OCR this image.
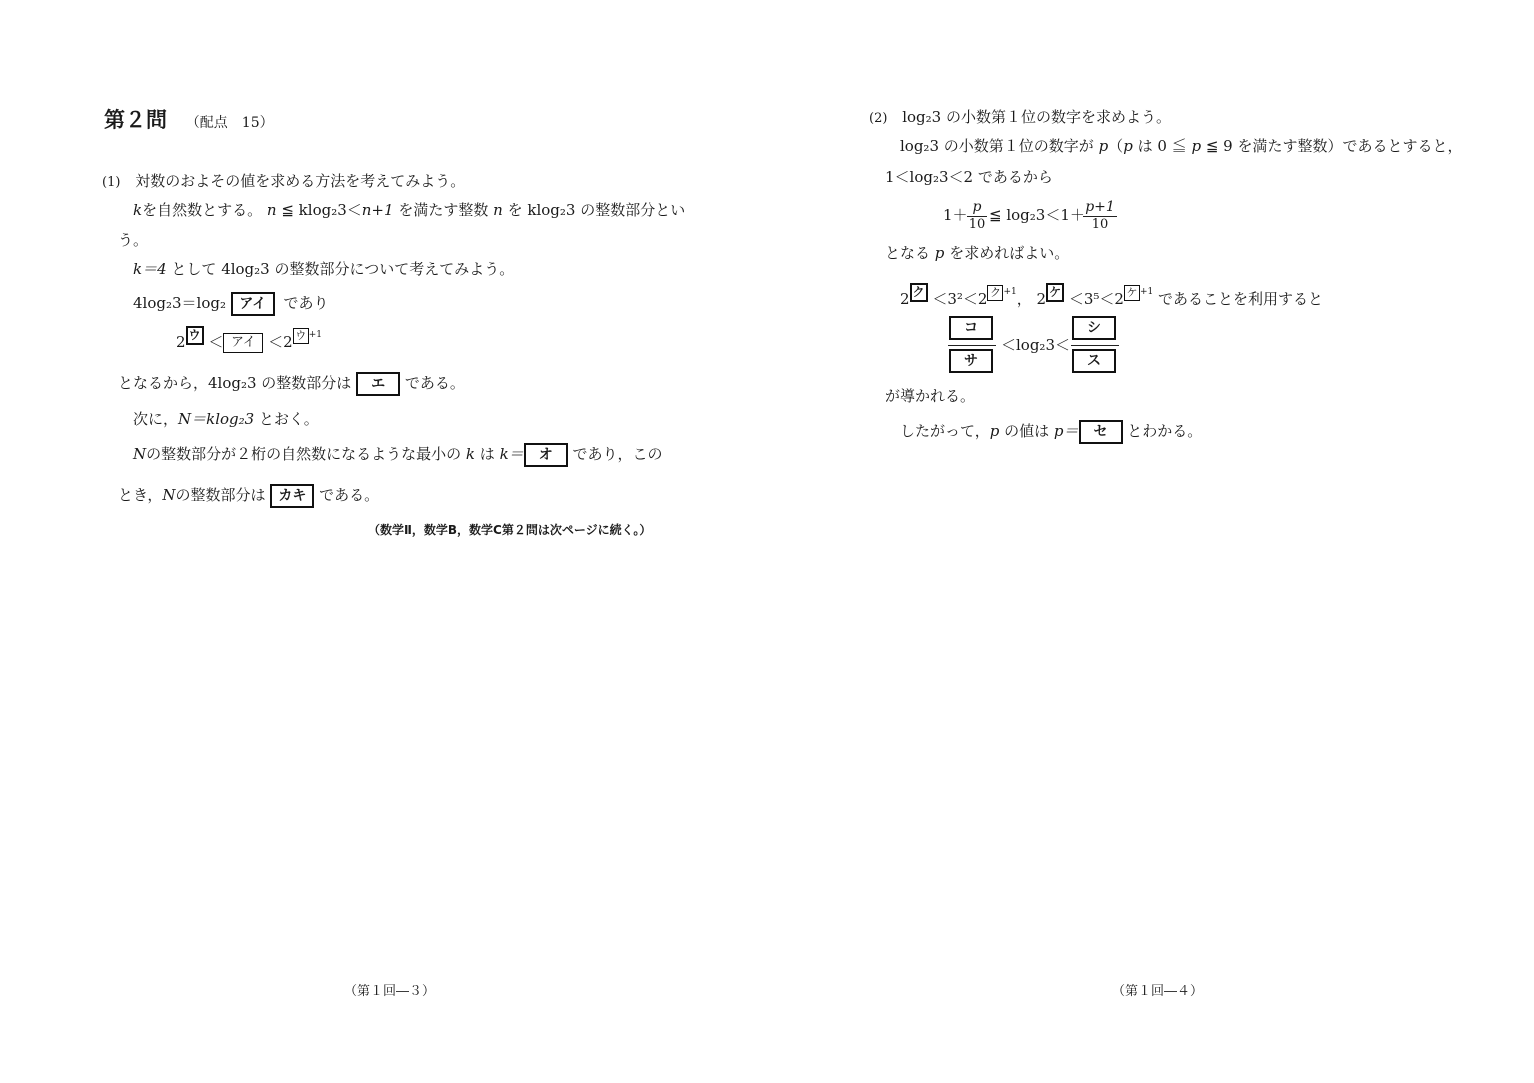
第２問 （配点　15）
(1) 対数のおよその値を求める方法を考えてみよう。
kを自然数とする。 n ≦ klog₂3＜n+1 を満たす整数 n を klog₂3 の整数部分とい
う。
k＝4 として 4log₂3 の整数部分について考えてみよう。
4log₂3＝log₂ アイ であり
2 ウ ＜ アイ ＜2 ウ $^{+1}$
となるから，4log₂3 の整数部分は エ である。
次に，N＝klog₂3 とおく。
Nの整数部分が２桁の自然数になるような最小の k は k＝ オ であり，この
とき，Nの整数部分は カキ である。
（数学Ⅱ，数学B，数学C第２問は次ページに続く。）
（第１回―３）
(2) log₂3 の小数第１位の数字を求めよう。
log₂3 の小数第１位の数字が p（p は 0 ≦ p ≦ 9 を満たす整数）であるとすると，
1＜log₂3＜2 であるから
1＋ p
10
≦ log₂3＜1＋ p+1
10
となる p を求めればよい。
2 ク ＜3²＜2 ク $^{+1}$， 2 ケ ＜3⁵＜2 ケ $^{+1}$ であることを利用すると
コ
サ
＜log₂3＜
シ
ス
が導かれる。
したがって，p の値は p＝ セ とわかる。
（第１回―４）
